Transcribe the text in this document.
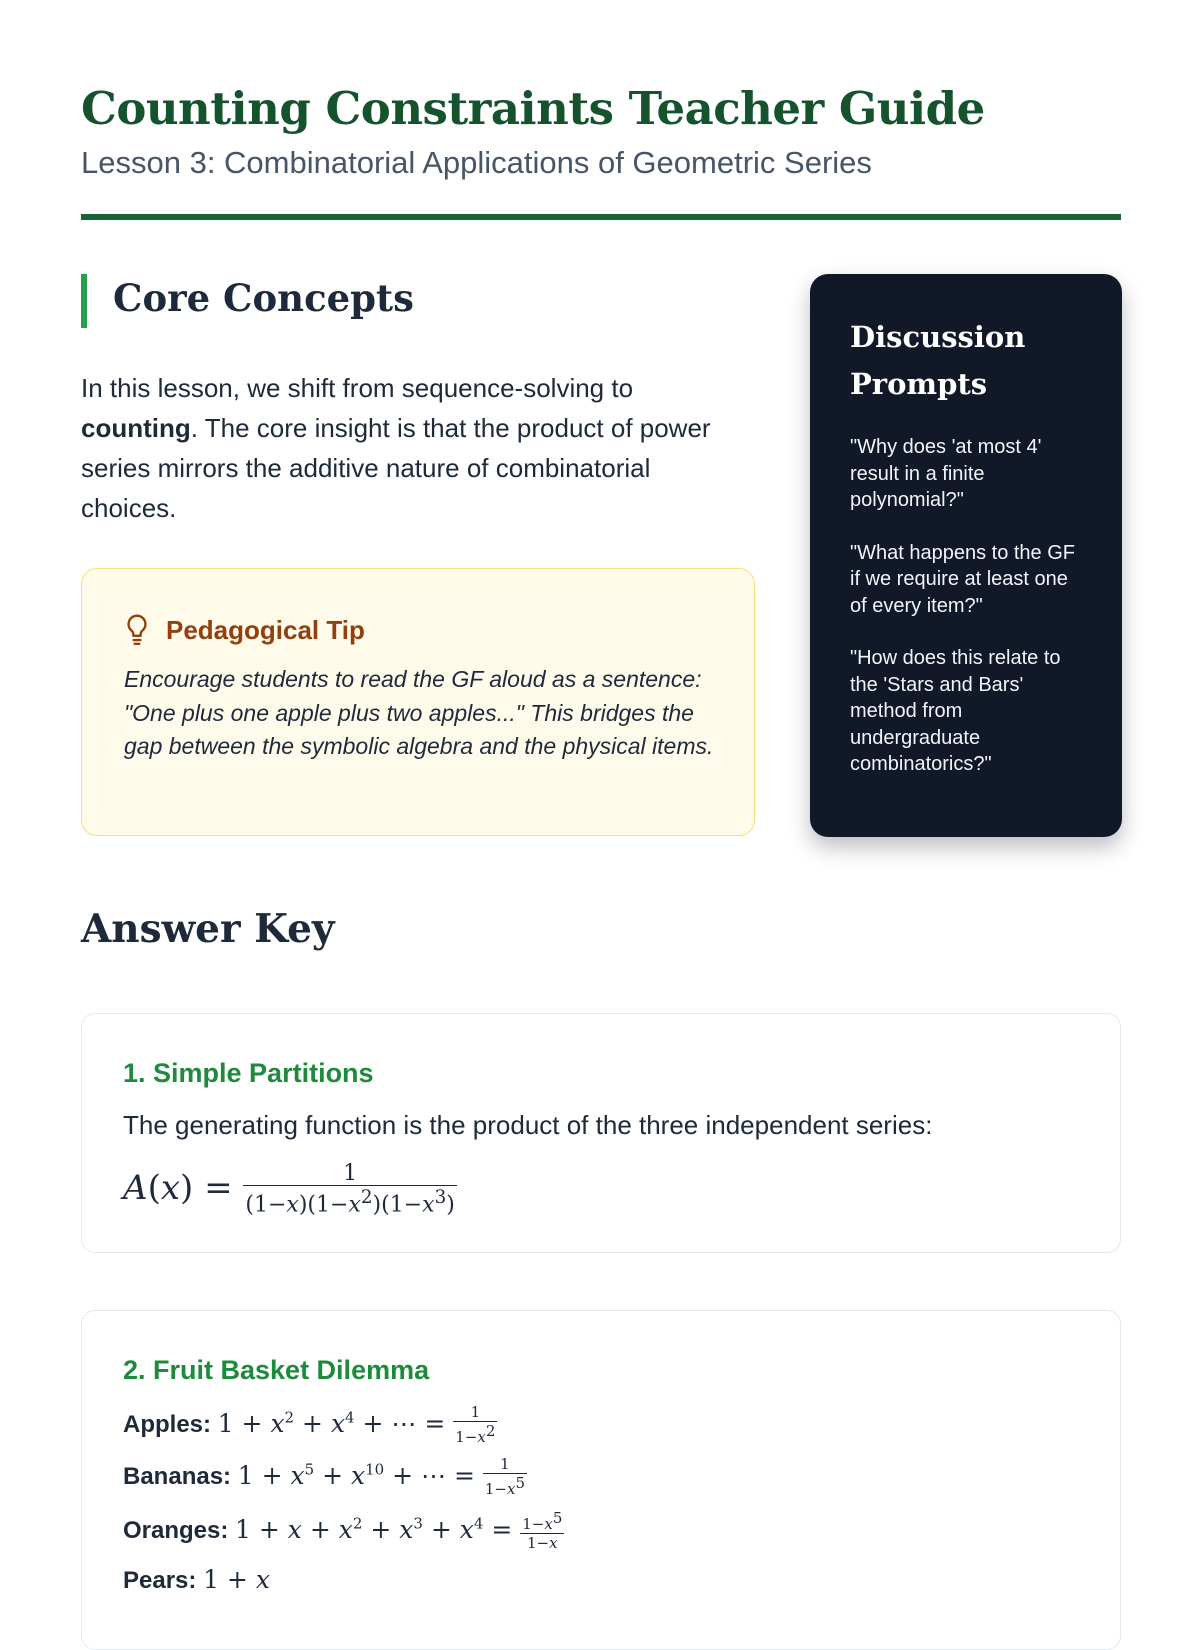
Counting Constraints Teacher Guide
Lesson 3: Combinatorial Applications of Geometric Series
Core Concepts

In this lesson, we shift from sequence-solving to counting. The core insight is that the product of power series mirrors the additive nature of combinatorial choices.

Pedagogical Tip

Encourage students to read the GF aloud as a sentence: "One plus one apple plus two apples..." This bridges the gap between the symbolic algebra and the physical items.

Discussion Prompts

"Why does 'at most 4' result in a finite polynomial?"

"What happens to the GF if we require at least one of every item?"

"How does this relate to the 'Stars and Bars' method from undergraduate combinatorics?"

Answer Key
1. Simple Partitions

The generating function is the product of the three independent series:

$A(x) = \frac{1}{(1-x)(1-x^2)(1-x^3)}$
2. Fruit Basket Dilemma
Apples: $1 + x^2 + x^4$ + ⋯ = $\frac{1}{1-x^2}$
Bananas: $1 + x^5 + x^{10}$ + ⋯ = $\frac{1}{1-x^5}$
Oranges: $1 + x + x^2 + x^3 + x^4 = \frac{1-x^5}{1-x}$
Pears: 1 + x
